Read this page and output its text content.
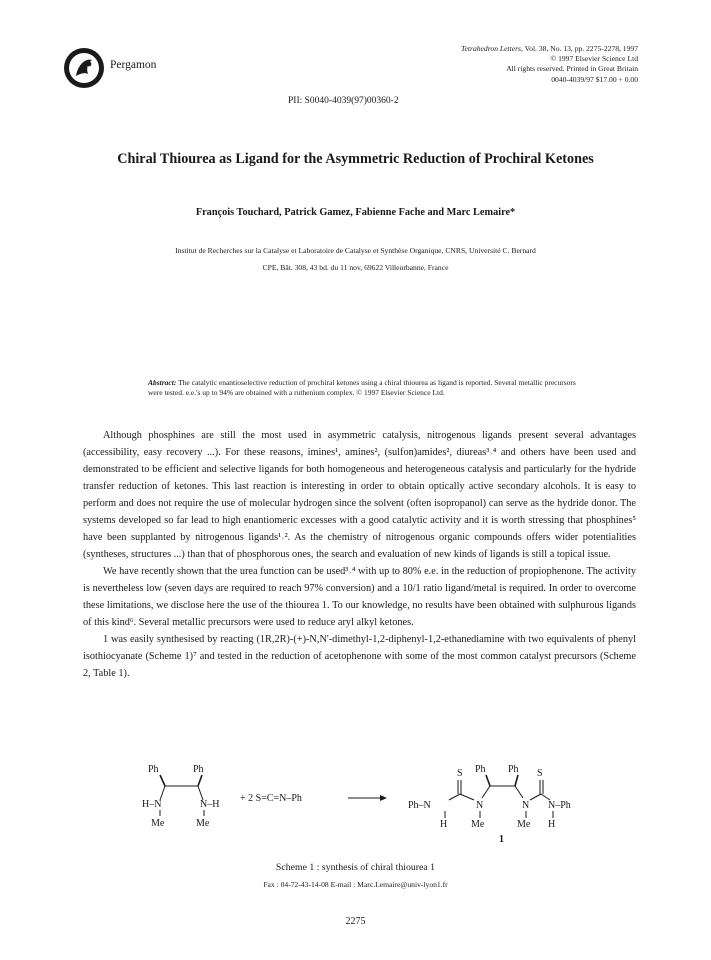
Pergamon
Tetrahedron Letters, Vol. 38, No. 13, pp. 2275-2278, 1997
© 1997 Elsevier Science Ltd
All rights reserved. Printed in Great Britain
0040-4039/97 $17.00 + 0.00
PII: S0040-4039(97)00360-2
Chiral Thiourea as Ligand for the Asymmetric Reduction of Prochiral Ketones
François Touchard, Patrick Gamez, Fabienne Fache and Marc Lemaire*
Institut de Recherches sur la Catalyse et Laboratoire de Catalyse et Synthèse Organique, CNRS, Université C. Bernard
CPE, Bât. 308, 43 bd. du 11 nov, 69622 Villeurbanne, France
Abstract: The catalytic enantioselective reduction of prochiral ketones using a chiral thiourea as ligand is reported. Several metallic precursors were tested. e.e.'s up to 94% are obtained with a ruthenium complex. © 1997 Elsevier Science Ltd.

Although phosphines are still the most used in asymmetric catalysis, nitrogenous ligands present several advantages (accessibility, easy recovery ...). For these reasons, imines¹, amines², (sulfon)amides², diureas³˒⁴ and others have been used and demonstrated to be efficient and selective ligands for both homogeneous and heterogeneous catalysis and particularly for the hydride transfer reduction of ketones. This last reaction is interesting in order to obtain optically active secondary alcohols. It is easy to perform and does not require the use of molecular hydrogen since the solvent (often isopropanol) can serve as the hydride donor. The systems developed so far lead to high enantiomeric excesses with a good catalytic activity and it is worth stressing that phosphines⁵ have been supplanted by nitrogenous ligands¹˒². As the chemistry of nitrogenous organic compounds offers wider potentialities (syntheses, structures ...) than that of phosphorous ones, the search and evaluation of new kinds of ligands is still a topical issue.

We have recently shown that the urea function can be used³˒⁴ with up to 80% e.e. in the reduction of propiophenone. The activity is nevertheless low (seven days are required to reach 97% conversion) and a 10/1 ratio ligand/metal is required. In order to overcome these limitations, we disclose here the use of the thiourea 1. To our knowledge, no results have been obtained with sulphurous ligands of this kind⁶. Several metallic precursors were used to reduce aryl alkyl ketones.

1 was easily synthesised by reacting (1R,2R)-(+)-N,N'-dimethyl-1,2-diphenyl-1,2-ethanediamine with two equivalents of phenyl isothiocyanate (Scheme 1)⁷ and tested in the reduction of acetophenone with some of the most common catalyst precursors (Scheme 2, Table 1).

Ph	Ph
H–N	N–H
Me	Me
+ 2 S=C=N–Ph
S Ph Ph S
Ph–N	N	N N–Ph
H Me	Me H
1
Scheme 1 : synthesis of chiral thiourea 1
Fax : 04-72-43-14-08 E-mail : Marc.Lemaire@univ-lyon1.fr
2275
